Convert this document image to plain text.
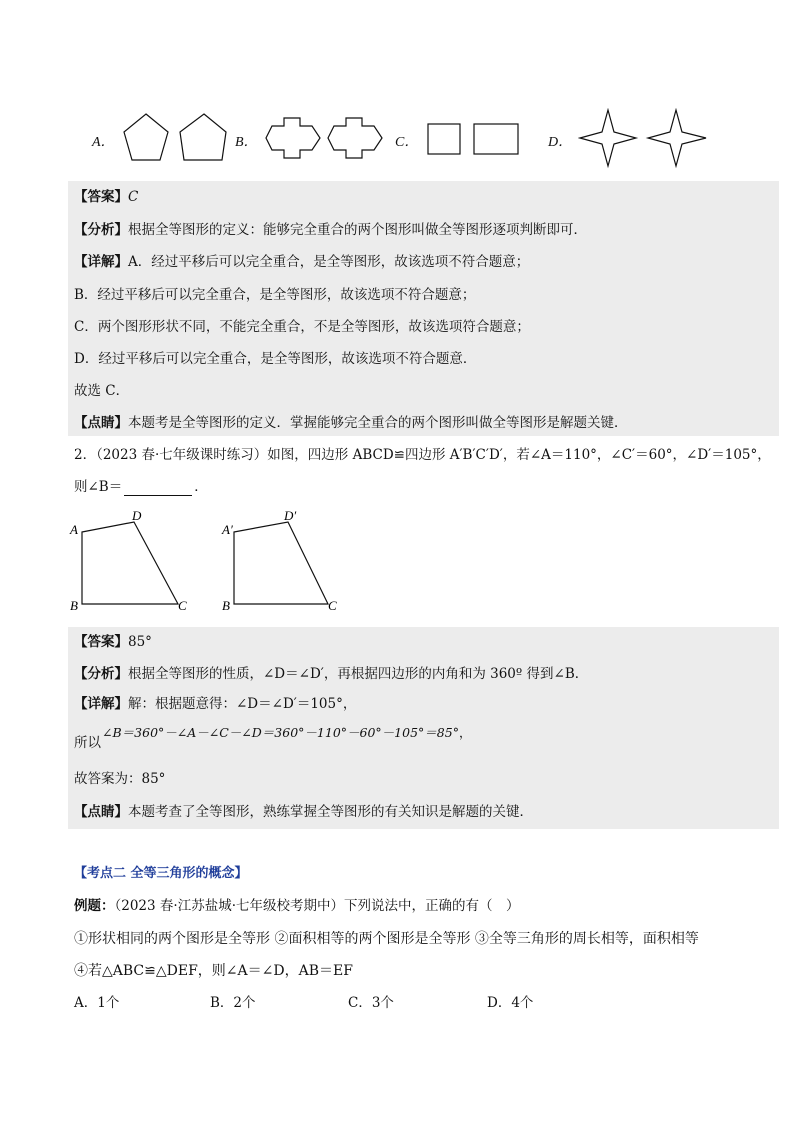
A．	B．	C．	D．
【答案】C
【分析】根据全等图形的定义：能够完全重合的两个图形叫做全等图形逐项判断即可．
【详解】A．经过平移后可以完全重合，是全等图形，故该选项不符合题意；
B．经过平移后可以完全重合，是全等图形，故该选项不符合题意；
C．两个图形形状不同，不能完全重合，不是全等图形，故该选项符合题意；
D．经过平移后可以完全重合，是全等图形，故该选项不符合题意．
故选 C．
【点睛】本题考是全等图形的定义．掌握能够完全重合的两个图形叫做全等图形是解题关键．
2．（2023 春·七年级课时练习）如图，四边形 ABCD≌四边形 A′B′C′D′，若∠A＝110°，∠C′＝60°，∠D′＝105°，
则∠B＝	．
A
D
B	C
A′
D′
B	C
【答案】85°
【分析】根据全等图形的性质，∠D＝∠D′，再根据四边形的内角和为 360º 得到∠B．
【详解】解：根据题意得：∠D＝∠D′＝105°，
所以
∠B＝360°－∠A－∠C－∠D＝360°－110°－60°－105°＝85°，
故答案为：85°
【点睛】本题考查了全等图形，熟练掌握全等图形的有关知识是解题的关键．
【考点二 全等三角形的概念】
例题：（2023 春·江苏盐城·七年级校考期中）下列说法中，正确的有（　）
①形状相同的两个图形是全等形 ②面积相等的两个图形是全等形 ③全等三角形的周长相等，面积相等
④若△ABC≌△DEF，则∠A＝∠D，AB＝EF
A．1个	B．2个	C．3个	D．4个
